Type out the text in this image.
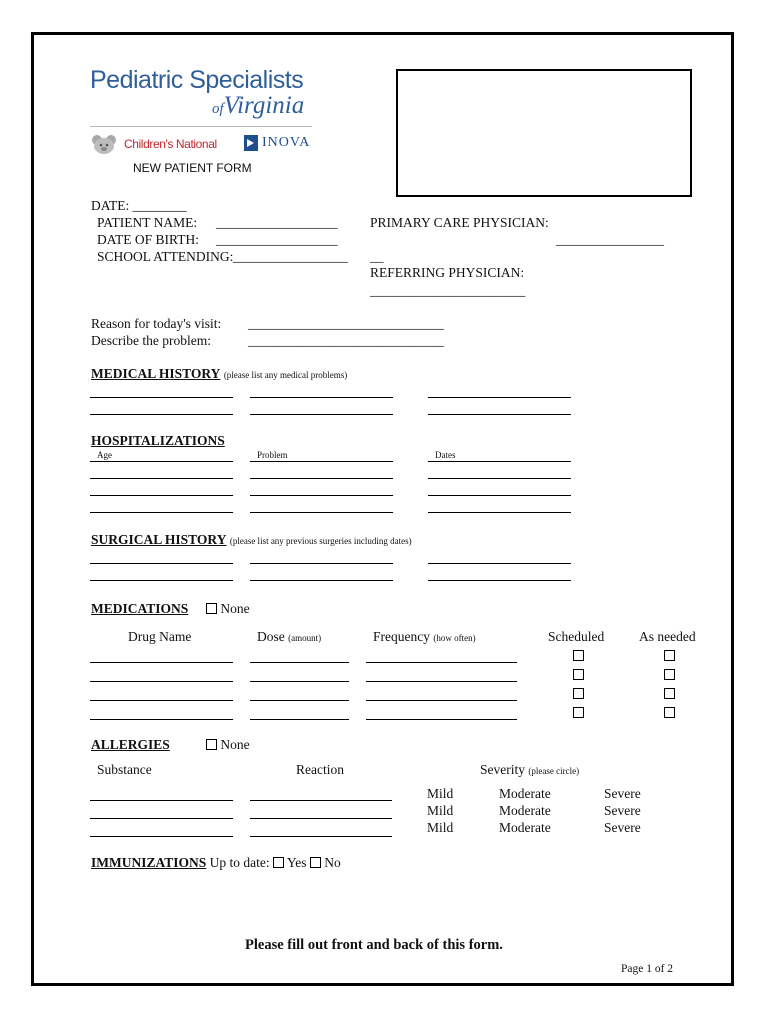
Pediatric Specialists
ofVirginia
Children's National	INOVA
NEW PATIENT FORM
DATE: ________
PATIENT NAME: __________________
DATE OF BIRTH: __________________
SCHOOL ATTENDING: _________________
PRIMARY CARE PHYSICIAN:
________________
__
REFERRING PHYSICIAN:
_______________________
Reason for today's visit: _____________________________
Describe the problem:	_____________________________
MEDICAL HISTORY (please list any medical problems)
HOSPITALIZATIONS
Age	Problem	Dates
SURGICAL HISTORY (please list any previous surgeries including dates)
MEDICATIONS	None
Drug Name	Dose (amount)	Frequency (how often)	Scheduled	As needed
ALLERGIES	None
Substance	Reaction	Severity (please circle)
Mild	Moderate	Severe
Mild	Moderate	Severe
Mild	Moderate	Severe
IMMUNIZATIONS Up to date: Yes No
Please fill out front and back of this form.
Page 1 of 2
